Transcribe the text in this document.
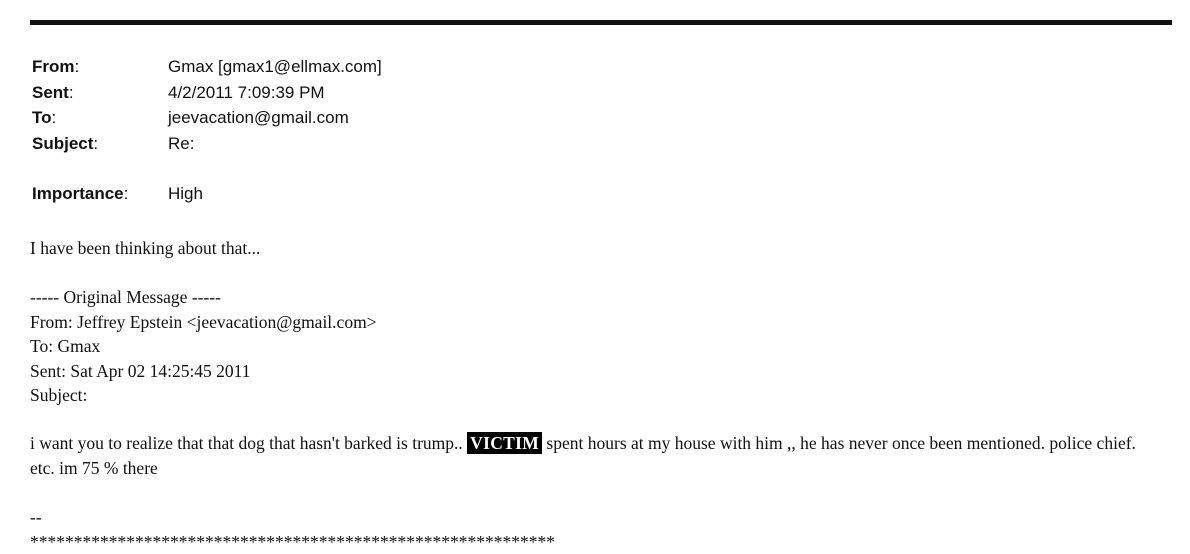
From:	Gmax [gmax1@ellmax.com]
Sent:	4/2/2011 7:09:39 PM
To:	jeevacation@gmail.com
Subject:	Re:
Importance:	High
I have been thinking about that...
----- Original Message -----
From: Jeffrey Epstein <jeevacation@gmail.com>
To: Gmax
Sent: Sat Apr 02 14:25:45 2011
Subject:
i want you to realize that that dog that hasn't barked is trump.. VICTIM spent hours at my house with him ,, he has never once been mentioned. police chief. etc. im 75 % there
--
************************************************************
